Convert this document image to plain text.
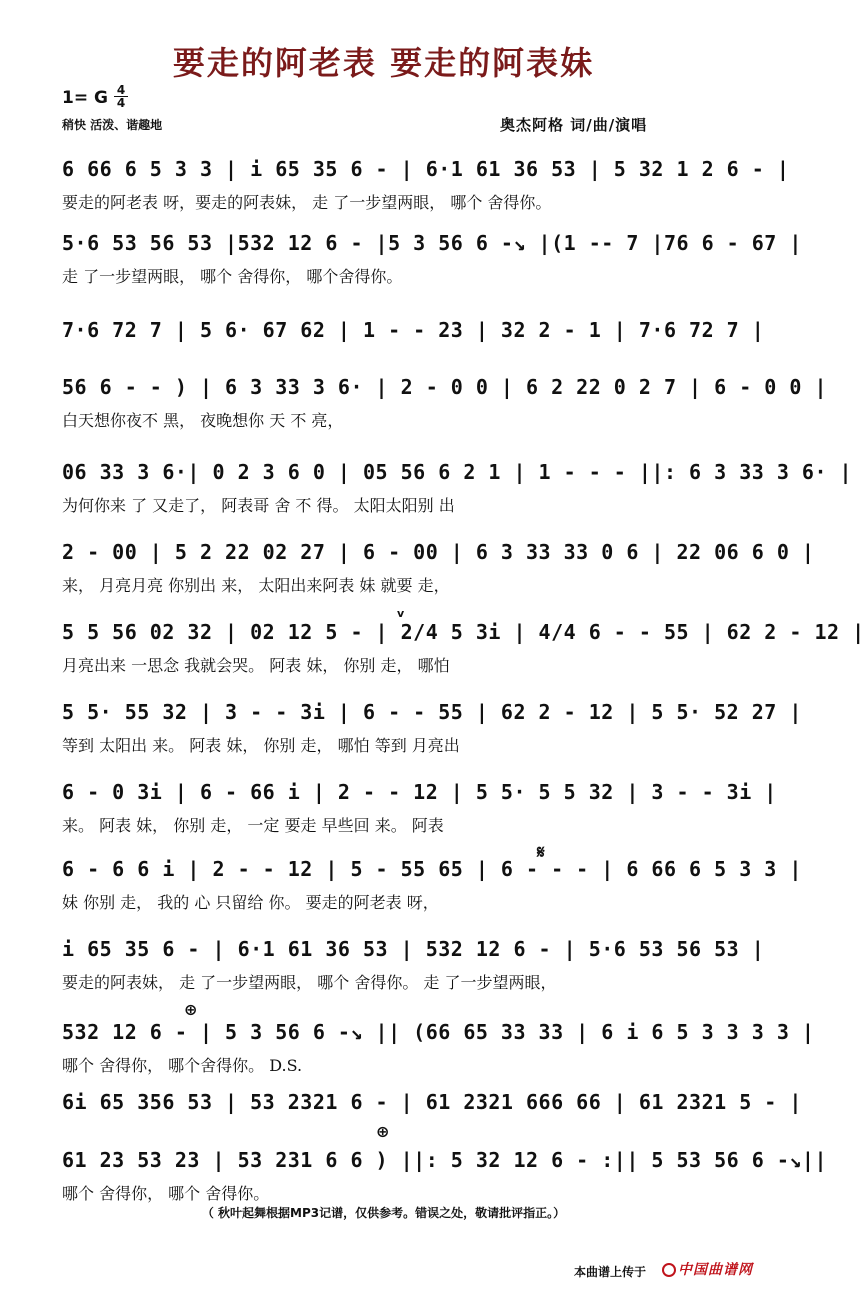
要走的阿老表 要走的阿表妹
1= G 4
4
稍快 活泼、谐趣地	奥杰阿格 词/曲/演唱
6 66 6 5 3 3 | i 65 35 6 - | 6·1 61 36 53 | 5 32 1 2 6 - |
要走的阿老表 呀，要走的阿表妹， 走 了一步望两眼， 哪个 舍得你。
5·6 53 56 53 |532 12 6 - |5 3 56 6 -↘ |(1 -- 7 |76 6 - 67 |
走 了一步望两眼， 哪个 舍得你， 哪个舍得你。
7·6 72 7 | 5 6· 67 62 | 1 - - 23 | 32 2 - 1 | 7·6 72 7 |
56 6 - - ) | 6 3 33 3 6· | 2 - 0 0 | 6 2 22 0 2 7 | 6 - 0 0 |
白天想你夜不 黑， 夜晚想你 天 不 亮，
06 33 3 6·| 0 2 3 6 0 | 05 56 6 2 1 | 1 - - - ||: 6 3 33 3 6· |
为何你来 了 又走了， 阿表哥 舍 不 得。 太阳太阳别 出
2 - 00 | 5 2 22 02 27 | 6 - 00 | 6 3 33 33 0 6 | 22 06 6 0 |
来， 月亮月亮 你别出 来， 太阳出来阿表 妹 就要 走，
5 5 56 02 32 | 02 12 5 - | 2/4 5 3i | 4/4 6 - - 55 | 62 2 - 12 |
月亮出来 一思念 我就会哭。 阿表 妹， 你别 走， 哪怕
5 5· 55 32 | 3 - - 3i | 6 - - 55 | 62 2 - 12 | 5 5· 52 27 |
等到 太阳出 来。 阿表 妹， 你别 走， 哪怕 等到 月亮出
6 - 0 3i | 6 - 66 i | 2 - - 12 | 5 5· 5 5 32 | 3 - - 3i |
来。 阿表 妹， 你别 走， 一定 要走 早些回 来。 阿表
6 - 6 6 i | 2 - - 12 | 5 - 55 65 | 6 - - - | 6 66 6 5 3 3 |
妹 你别 走， 我的 心 只留给 你。 要走的阿老表 呀，
i 65 35 6 - | 6·1 61 36 53 | 532 12 6 - | 5·6 53 56 53 |
要走的阿表妹， 走 了一步望两眼， 哪个 舍得你。 走 了一步望两眼，
532 12 6 - | 5 3 56 6 -↘ || (66 65 33 33 | 6 i 6 5 3 3 3 3 |
哪个 舍得你， 哪个舍得你。 D.S.
6i 65 356 53 | 53 2321 6 - | 61 2321 666 66 | 61 2321 5 - |
61 23 53 23 | 53 231 6 6 ) ||: 5 32 12 6 - :|| 5 53 56 6 -↘||
哪个 舍得你， 哪个 舍得你。
𝄋
⊕
⊕
v
（ 秋叶起舞根据MP3记谱，仅供参考。错误之处，敬请批评指正。）
本曲谱上传于	中国曲谱网
